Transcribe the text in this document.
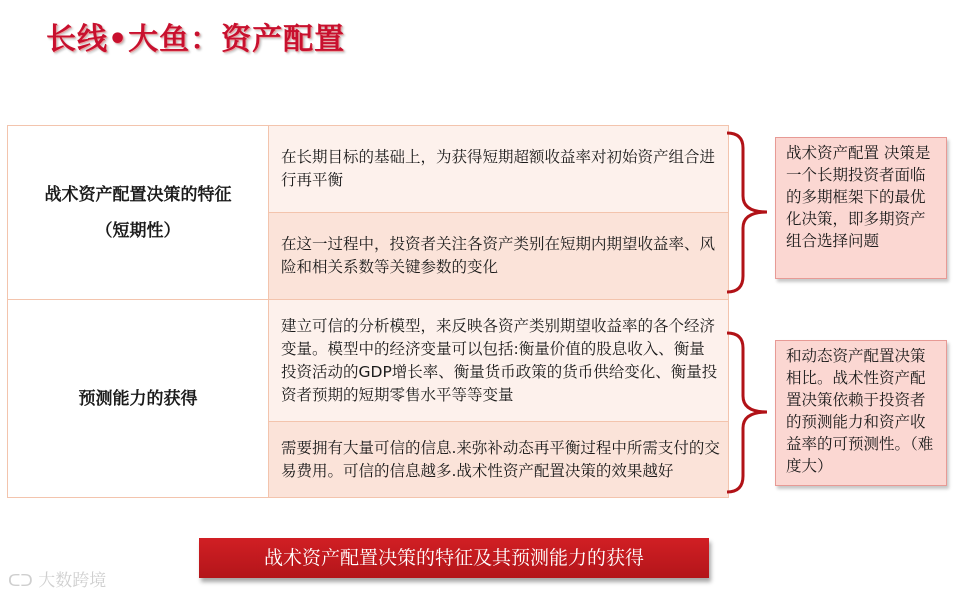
长线•大鱼：资产配置
战术资产配置决策的特征
（短期性）	在长期目标的基础上，为获得短期超额收益率对初始资产组合进行再平衡
	在这一过程中，投资者关注各资产类别在短期内期望收益率、风险和相关系数等关键参数的变化

预测能力的获得	建立可信的分析模型，来反映各资产类别期望收益率的各个经济变量。模型中的经济变量可以包括:衡量价值的股息收入、衡量投资活动的GDP增长率、衡量货币政策的货币供给变化、衡量投资者预期的短期零售水平等等变量
	需要拥有大量可信的信息.来弥补动态再平衡过程中所需支付的交易费用。可信的信息越多.战术性资产配置决策的效果越好
战术资产配置 决策是一个长期投资者面临的多期框架下的最优化决策，即多期资产组合选择问题
和动态资产配置决策相比。战术性资产配置决策依赖于投资者的预测能力和资产收益率的可预测性。（难度大）
战术资产配置决策的特征及其预测能力的获得
ᑕᑐ 大数跨境
